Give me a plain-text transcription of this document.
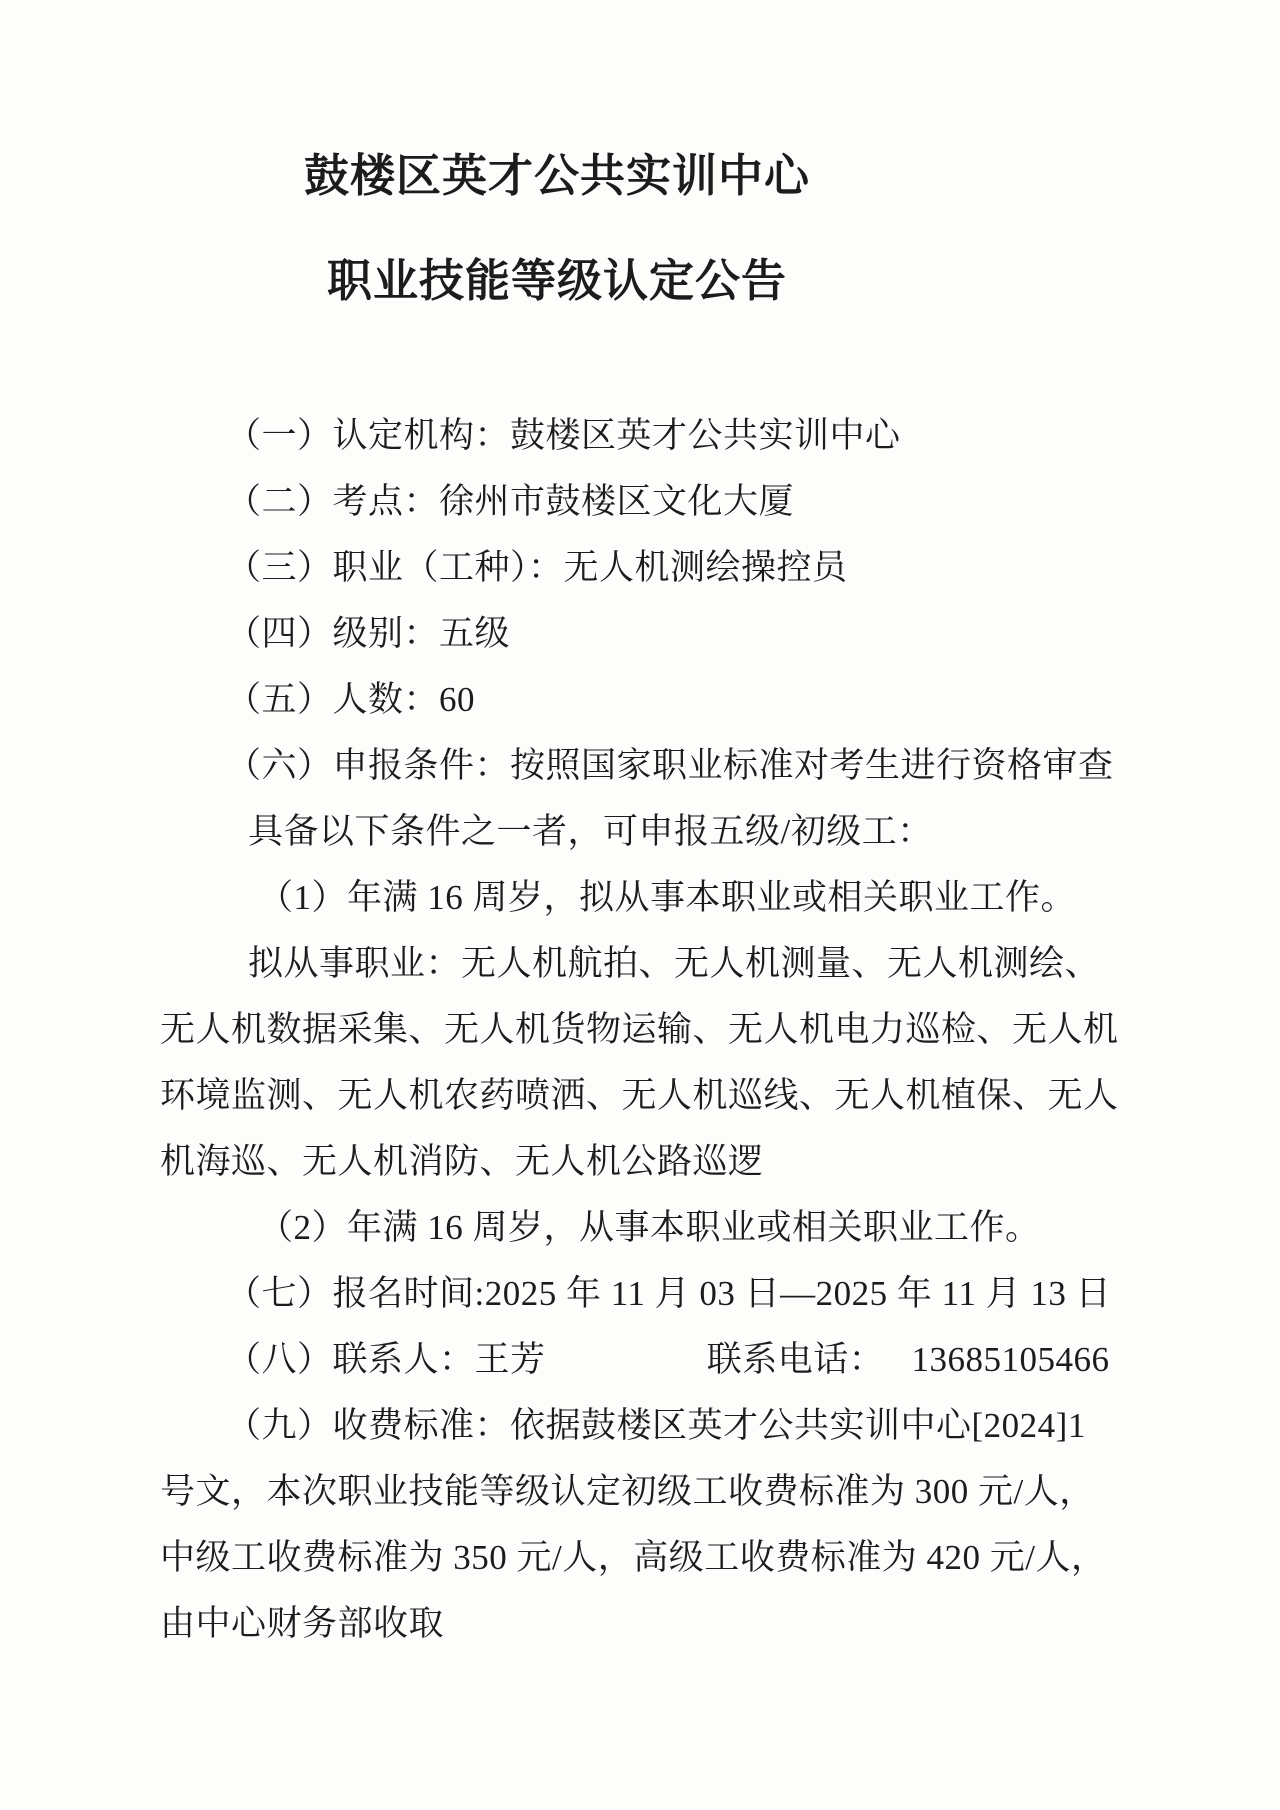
鼓楼区英才公共实训中心
职业技能等级认定公告
（一）认定机构：鼓楼区英才公共实训中心
（二）考点：徐州市鼓楼区文化大厦
（三）职业（工种）：无人机测绘操控员
（四）级别：五级
（五）人数：60
（六）申报条件：按照国家职业标准对考生进行资格审查
具备以下条件之一者，可申报五级/初级工：
（1）年满 16 周岁，拟从事本职业或相关职业工作。
拟从事职业：无人机航拍、无人机测量、无人机测绘、
无人机数据采集、无人机货物运输、无人机电力巡检、无人机
环境监测、无人机农药喷洒、无人机巡线、无人机植保、无人
机海巡、无人机消防、无人机公路巡逻
（2）年满 16 周岁，从事本职业或相关职业工作。
（七）报名时间:2025 年 11 月 03 日—2025 年 11 月 13 日
（八）联系人：王芳	联系电话： 13685105466
（九）收费标准：依据鼓楼区英才公共实训中心[2024]1
号文，本次职业技能等级认定初级工收费标准为 300 元/人，
中级工收费标准为 350 元/人，高级工收费标准为 420 元/人，
由中心财务部收取
